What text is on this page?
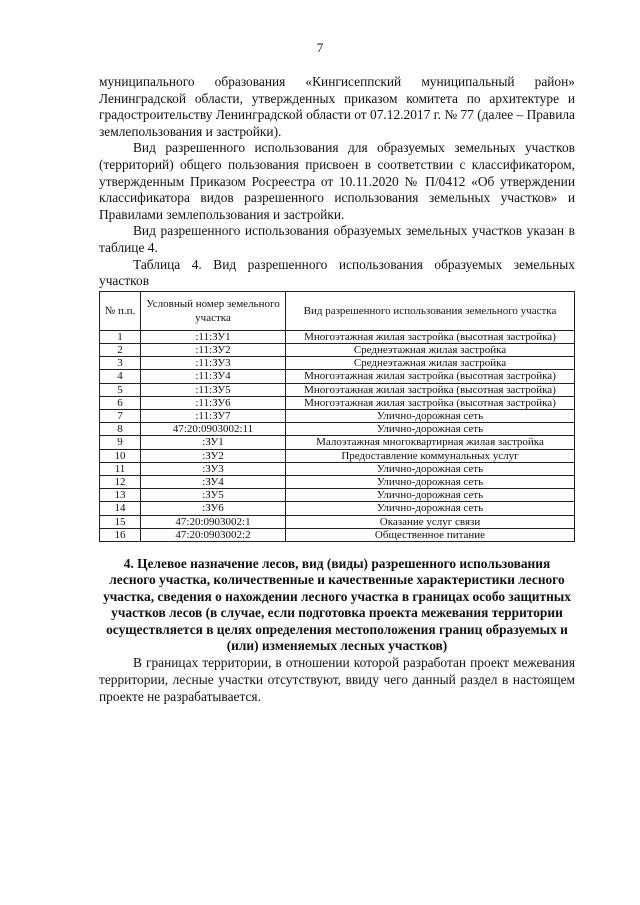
7

муниципального образования «Кингисеппский муниципальный район» Ленинградской области, утвержденных приказом комитета по архитектуре и градостроительству Ленинградской области от 07.12.2017 г. № 77 (далее – Правила землепользования и застройки).

Вид разрешенного использования для образуемых земельных участков (территорий) общего пользования присвоен в соответствии с классификатором, утвержденным Приказом Росреестра от 10.11.2020 № П/0412 «Об утверждении классификатора видов разрешенного использования земельных участков» и Правилами землепользования и застройки.

Вид разрешенного использования образуемых земельных участков указан в таблице 4.

Таблица 4. Вид разрешенного использования образуемых земельных участков

№ п.п.	Условный номер земельного участка	Вид разрешенного использования земельного участка
1	:11:ЗУ1	Многоэтажная жилая застройка (высотная застройка)
2	:11:ЗУ2	Среднеэтажная жилая застройка
3	:11:ЗУ3	Среднеэтажная жилая застройка
4	:11:ЗУ4	Многоэтажная жилая застройка (высотная застройка)
5	:11:ЗУ5	Многоэтажная жилая застройка (высотная застройка)
6	:11:ЗУ6	Многоэтажная жилая застройка (высотная застройка)
7	:11:ЗУ7	Улично-дорожная сеть
8	47:20:0903002:11	Улично-дорожная сеть
9	:ЗУ1	Малоэтажная многоквартирная жилая застройка
10	:ЗУ2	Предоставление коммунальных услуг
11	:ЗУ3	Улично-дорожная сеть
12	:ЗУ4	Улично-дорожная сеть
13	:ЗУ5	Улично-дорожная сеть
14	:ЗУ6	Улично-дорожная сеть
15	47:20:0903002:1	Оказание услуг связи
16	47:20:0903002:2	Общественное питание
4. Целевое назначение лесов, вид (виды) разрешенного использования лесного участка, количественные и качественные характеристики лесного участка, сведения о нахождении лесного участка в границах особо защитных участков лесов (в случае, если подготовка проекта межевания территории осуществляется в целях определения местоположения границ образуемых и (или) изменяемых лесных участков)

В границах территории, в отношении которой разработан проект межевания территории, лесные участки отсутствуют, ввиду чего данный раздел в настоящем проекте не разрабатывается.
